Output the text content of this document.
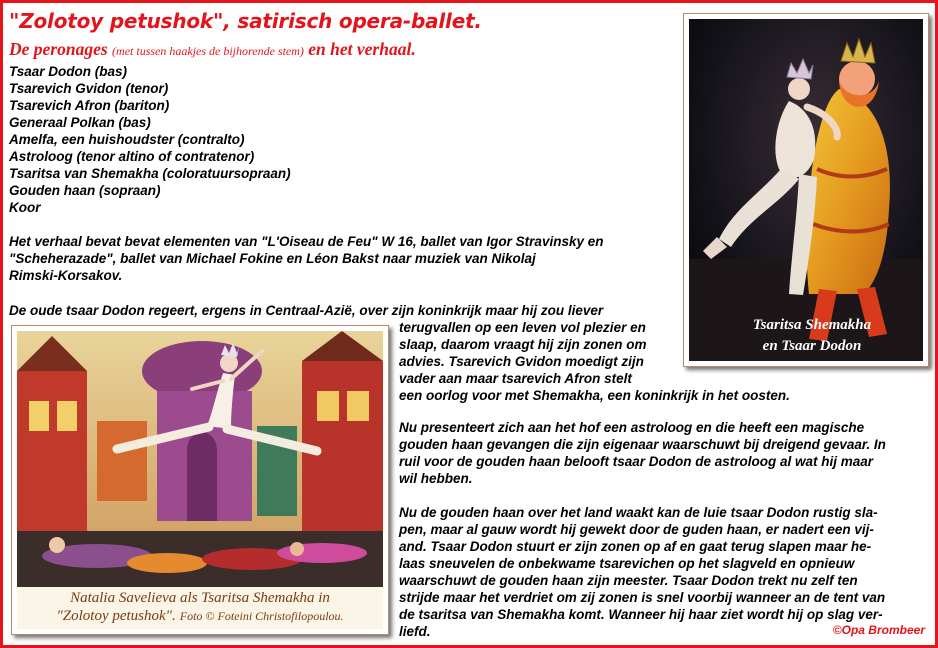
"Zolotoy petushok", satirisch opera-ballet.

De peronages (met tussen haakjes de bijhorende stem) en het verhaal.

Tsaar Dodon (bas)
Tsarevich Gvidon (tenor)
Tsarevich Afron (bariton)
Generaal Polkan (bas)
Amelfa, een huishoudster (contralto)
Astroloog (tenor altino of contratenor)
Tsaritsa van Shemakha (coloratuursopraan)
Gouden haan (sopraan)
Koor

Het verhaal bevat bevat elementen van "L'Oiseau de Feu" W 16, ballet van Igor Stravinsky en

"Scheherazade", ballet van Michael Fokine en Léon Bakst naar muziek van Nikolaj

Rimski-Korsakov.

De oude tsaar Dodon regeert, ergens in Centraal-Azië, over zijn koninkrijk maar hij zou liever

terugvallen op een leven vol plezier en

slaap, daarom vraagt hij zijn zonen om

advies. Tsarevich Gvidon moedigt zijn

vader aan maar tsarevich Afron stelt

een oorlog voor met Shemakha, een koninkrijk in het oosten.

Nu presenteert zich aan het hof een astroloog en die heeft een magische

gouden haan gevangen die zijn eigenaar waarschuwt bij dreigend gevaar. In

ruil voor de gouden haan belooft tsaar Dodon de astroloog al wat hij maar

wil hebben.

Nu de gouden haan over het land waakt kan de luie tsaar Dodon rustig sla-

pen, maar al gauw wordt hij gewekt door de guden haan, er nadert een vij-

and. Tsaar Dodon stuurt er zijn zonen op af en gaat terug slapen maar he-

laas sneuvelen de onbekwame tsarevichen op het slagveld en opnieuw

waarschuwt de gouden haan zijn meester. Tsaar Dodon trekt nu zelf ten

strijde maar het verdriet om zij zonen is snel voorbij wanneer an de tent van

de tsaritsa van Shemakha komt. Wanneer hij haar ziet wordt hij op slag ver-

liefd.

Tsaritsa Shemakha

en Tsaar Dodon

Natalia Savelieva als Tsaritsa Shemakha in
"Zolotoy petushok". Foto © Foteini Christofilopoulou.

©Opa Brombeer
